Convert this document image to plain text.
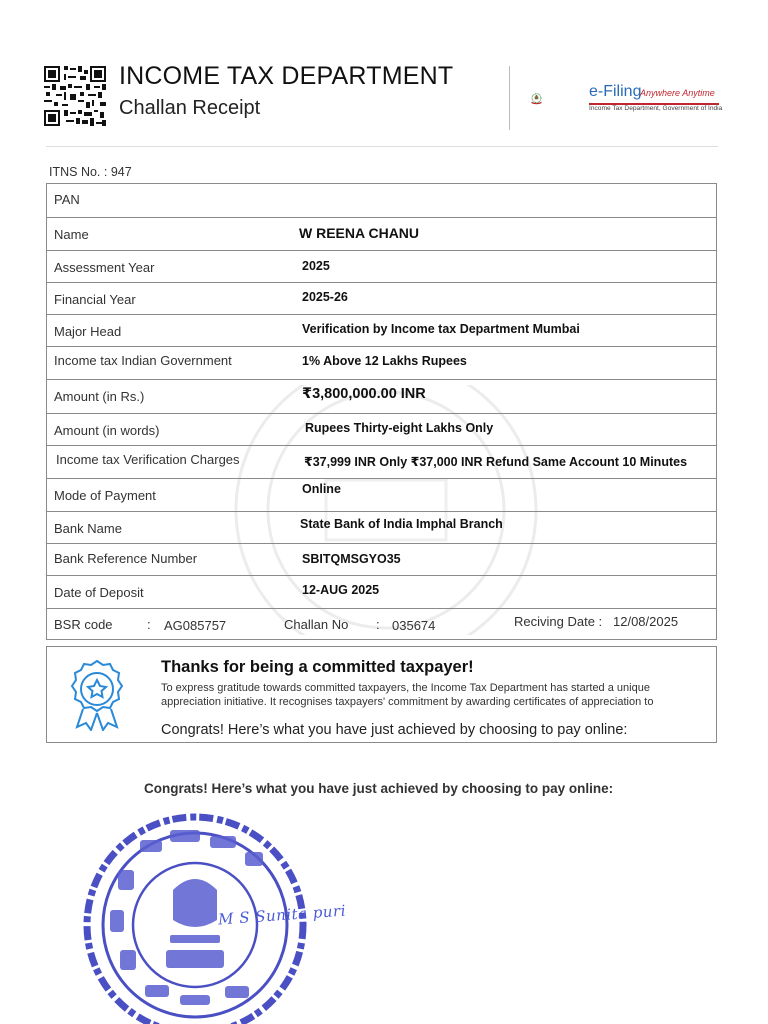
INCOME TAX DEPARTMENT
Challan Receipt
e-Filing
Anywhere Anytime
Income Tax Department, Government of India
ITNS No. : 947
PAN
Name	W REENA CHANU
Assessment Year	2025
Financial Year	2025-26
Major Head	Verification by Income tax Department Mumbai
Income tax Indian Government	1% Above 12 Lakhs Rupees
Amount (in Rs.)	₹3,800,000.00 INR
Amount (in words)	Rupees Thirty-eight Lakhs Only
Income tax Verification Charges	₹37,999 INR Only ₹37,000 INR Refund Same Account 10 Minutes
Mode of Payment	Online
Bank Name	State Bank of India Imphal Branch
Bank Reference Number	SBITQMSGYO35
Date of Deposit	12-AUG 2025
BSR code	: AG085757	Challan No : 035674	Reciving Date : 12/08/2025
Thanks for being a committed taxpayer!
To express gratitude towards committed taxpayers, the Income Tax Department has started a unique appreciation initiative. It recognises taxpayers' commitment by awarding certificates of appreciation to
Congrats! Here’s what you have just achieved by choosing to pay online:
Congrats! Here’s what you have just achieved by choosing to pay online:
M S Sunita puri
